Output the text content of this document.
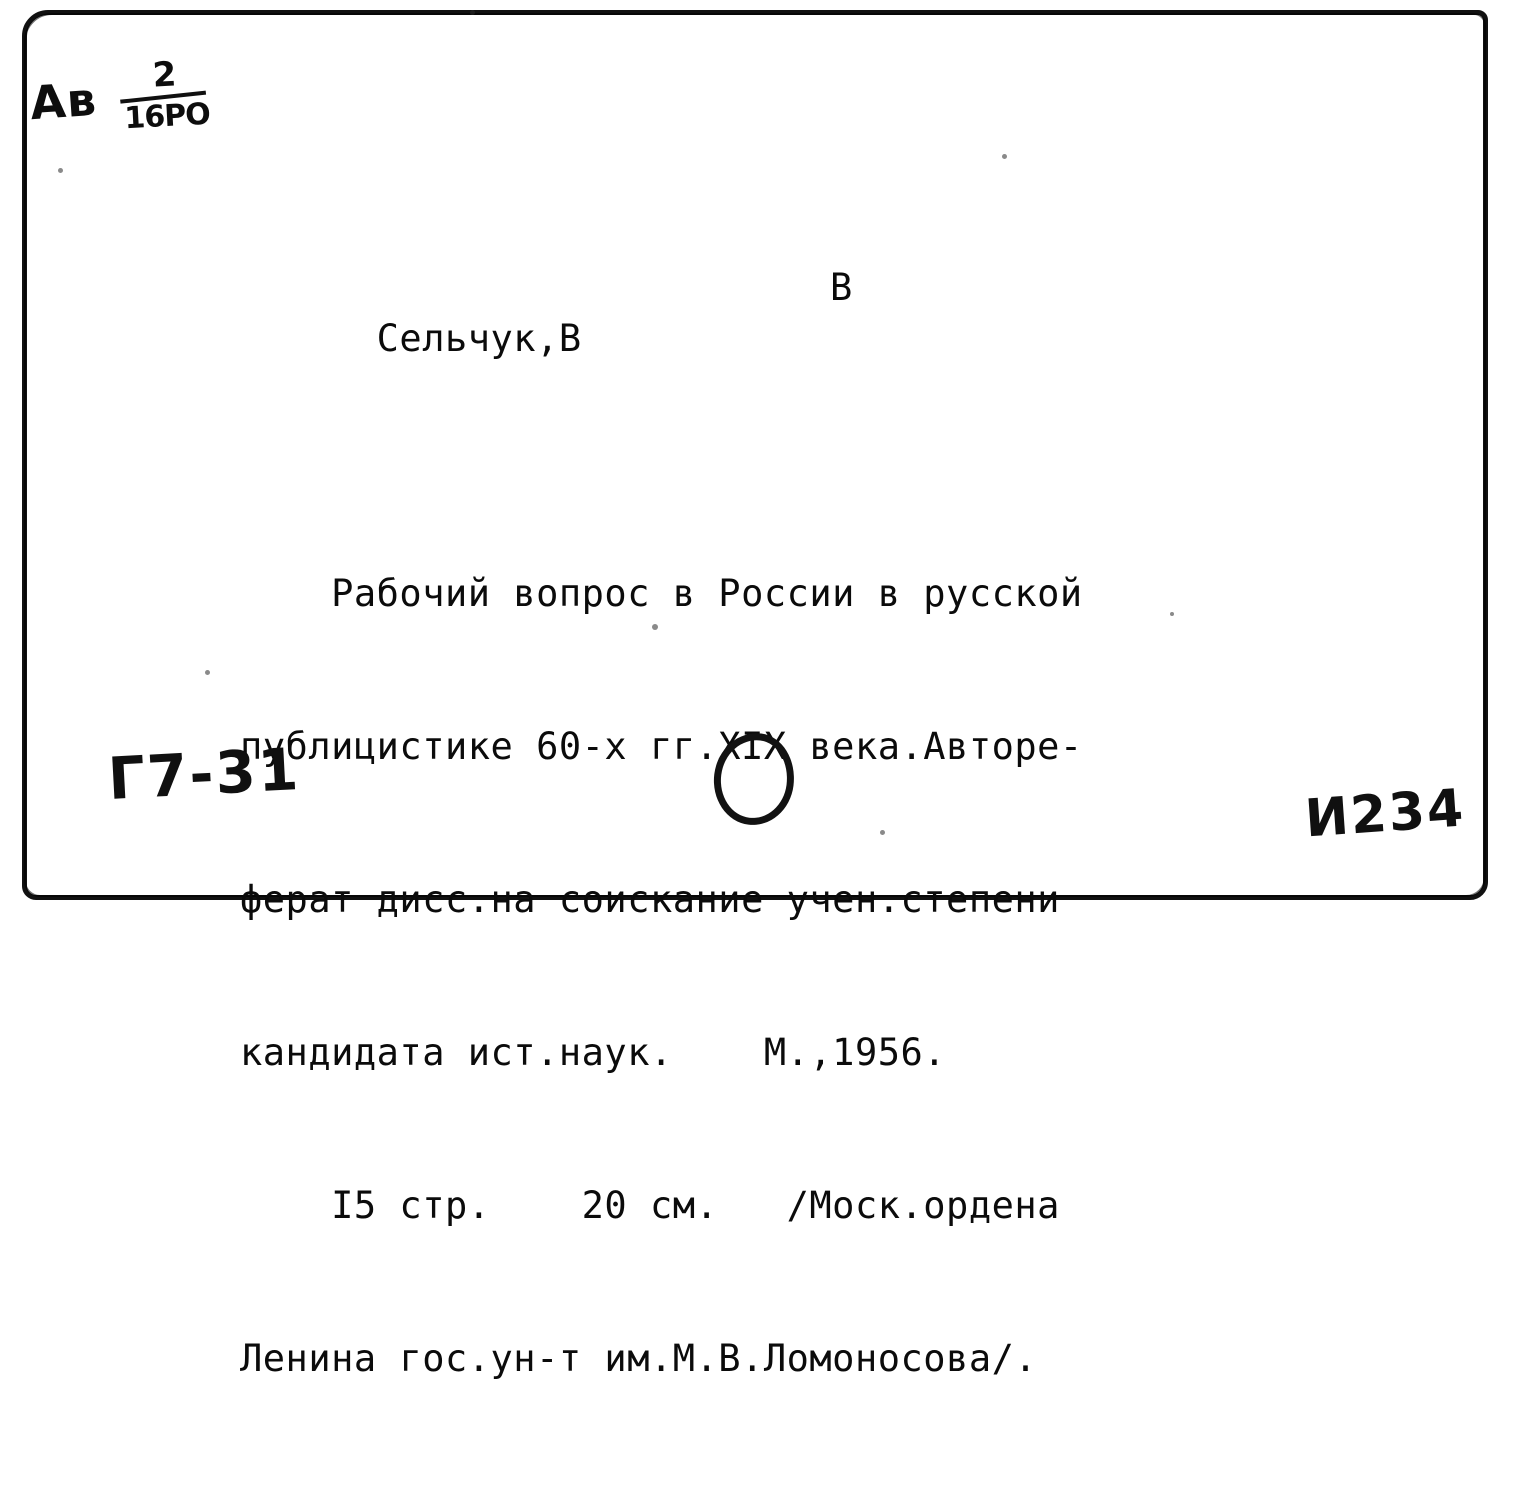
Ав	2
16РО

Сельчук,В

В

Рабочий вопрос в России в русской

публицистике 60-х гг.XIX века.Авторе-

ферат дисс.на соискание учен.степени

кандидата ист.наук.    М.,1956.

I5 стр.    20 см.   /Моск.ордена

Ленина гос.ун-т им.М.В.Ломоносова/.

Г7-31
И234
